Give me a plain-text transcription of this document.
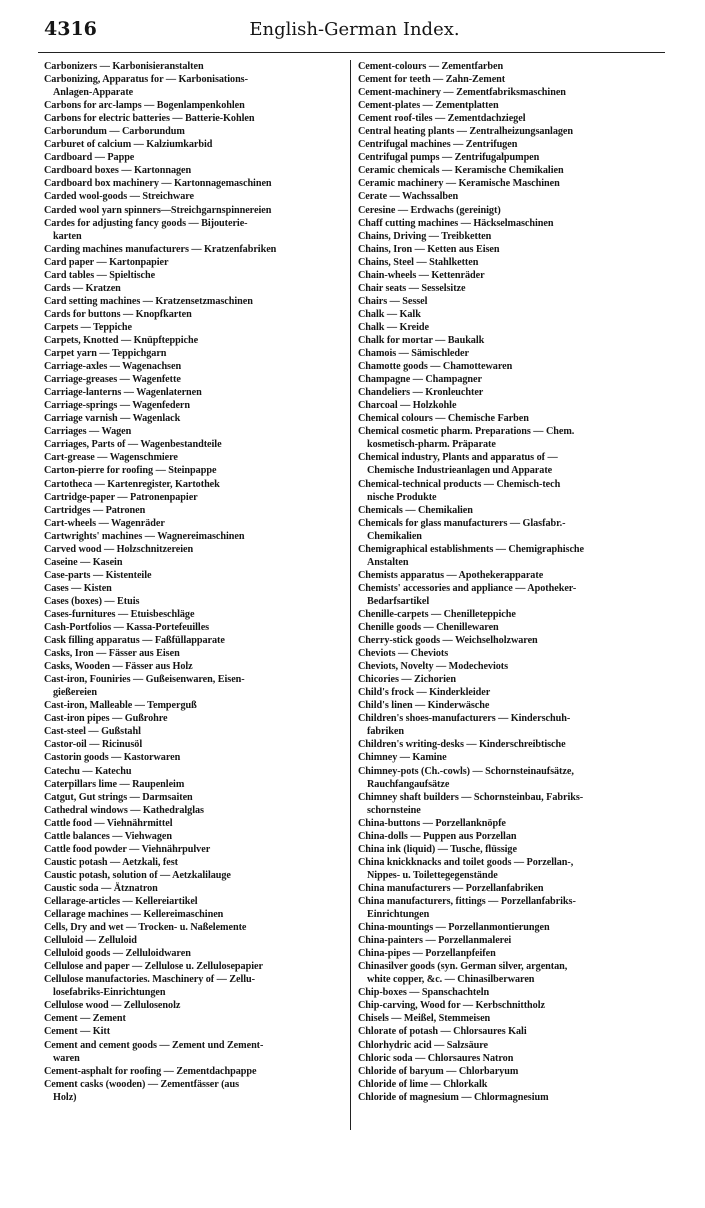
4316	English-German Index.
Carbonizers — Karbonisieranstalten
Carbonizing, Apparatus for — Karbonisations-
Anlagen-Apparate
Carbons for arc-lamps — Bogenlampenkohlen
Carbons for electric batteries — Batterie-Kohlen
Carborundum — Carborundum
Carburet of calcium — Kalziumkarbid
Cardboard — Pappe
Cardboard boxes — Kartonnagen
Cardboard box machinery — Kartonnagemaschinen
Carded wool-goods — Streichware
Carded wool yarn spinners—Streichgarnspinnereien
Cardes for adjusting fancy goods — Bijouterie-
karten
Carding machines manufacturers — Kratzenfabriken
Card paper — Kartonpapier
Card tables — Spieltische
Cards — Kratzen
Card setting machines — Kratzensetzmaschinen
Cards for buttons — Knopfkarten
Carpets — Teppiche
Carpets, Knotted — Knüpfteppiche
Carpet yarn — Teppichgarn
Carriage-axles — Wagenachsen
Carriage-greases — Wagenfette
Carriage-lanterns — Wagenlaternen
Carriage-springs — Wagenfedern
Carriage varnish — Wagenlack
Carriages — Wagen
Carriages, Parts of — Wagenbestandteile
Cart-grease — Wagenschmiere
Carton-pierre for roofing — Steinpappe
Cartotheca — Kartenregister, Kartothek
Cartridge-paper — Patronenpapier
Cartridges — Patronen
Cart-wheels — Wagenräder
Cartwrights' machines — Wagnereimaschinen
Carved wood — Holzschnitzereien
Caseine — Kasein
Case-parts — Kistenteile
Cases — Kisten
Cases (boxes) — Etuis
Cases-furnitures — Etuisbeschläge
Cash-Portfolios — Kassa-Portefeuilles
Cask filling apparatus — Faßfüllapparate
Casks, Iron — Fässer aus Eisen
Casks, Wooden — Fässer aus Holz
Cast-iron, Founiries — Gußeisenwaren, Eisen-
gießereien
Cast-iron, Malleable — Temperguß
Cast-iron pipes — Gußrohre
Cast-steel — Gußstahl
Castor-oil — Ricinusöl
Castorin goods — Kastorwaren
Catechu — Katechu
Caterpillars lime — Raupenleim
Catgut, Gut strings — Darmsaiten
Cathedral windows — Kathedralglas
Cattle food — Viehnährmittel
Cattle balances — Viehwagen
Cattle food powder — Viehnährpulver
Caustic potash — Aetzkali, fest
Caustic potash, solution of — Aetzkalilauge
Caustic soda — Ätznatron
Cellarage-articles — Kellereiartikel
Cellarage machines — Kellereimaschinen
Cells, Dry and wet — Trocken- u. Naßelemente
Celluloid — Zelluloid
Celluloid goods — Zelluloidwaren
Cellulose and paper — Zellulose u. Zellulosepapier
Cellulose manufactories. Maschinery of — Zellu-
losefabriks-Einrichtungen
Cellulose wood — Zellulosenolz
Cement — Zement
Cement — Kitt
Cement and cement goods — Zement und Zement-
waren
Cement-asphalt for roofing — Zementdachpappe
Cement casks (wooden) — Zementfässer (aus
Holz)
Cement-colours — Zementfarben
Cement for teeth — Zahn-Zement
Cement-machinery — Zementfabriksmaschinen
Cement-plates — Zementplatten
Cement roof-tiles — Zementdachziegel
Central heating plants — Zentralheizungsanlagen
Centrifugal machines — Zentrifugen
Centrifugal pumps — Zentrifugalpumpen
Ceramic chemicals — Keramische Chemikalien
Ceramic machinery — Keramische Maschinen
Cerate — Wachssalben
Ceresine — Erdwachs (gereinigt)
Chaff cutting machines — Häckselmaschinen
Chains, Driving — Treibketten
Chains, Iron — Ketten aus Eisen
Chains, Steel — Stahlketten
Chain-wheels — Kettenräder
Chair seats — Sesselsitze
Chairs — Sessel
Chalk — Kalk
Chalk — Kreide
Chalk for mortar — Baukalk
Chamois — Sämischleder
Chamotte goods — Chamottewaren
Champagne — Champagner
Chandeliers — Kronleuchter
Charcoal — Holzkohle
Chemical colours — Chemische Farben
Chemical cosmetic pharm. Preparations — Chem.
kosmetisch-pharm. Präparate
Chemical industry, Plants and apparatus of —
Chemische Industrieanlagen und Apparate
Chemical-technical products — Chemisch-tech
nische Produkte
Chemicals — Chemikalien
Chemicals for glass manufacturers — Glasfabr.-
Chemikalien
Chemigraphical establishments — Chemigraphische
Anstalten
Chemists apparatus — Apothekerapparate
Chemists' accessories and appliance — Apotheker-
Bedarfsartikel
Chenille-carpets — Chenilleteppiche
Chenille goods — Chenillewaren
Cherry-stick goods — Weichselholzwaren
Cheviots — Cheviots
Cheviots, Novelty — Modecheviots
Chicories — Zichorien
Child's frock — Kinderkleider
Child's linen — Kinderwäsche
Children's shoes-manufacturers — Kinderschuh-
fabriken
Children's writing-desks — Kinderschreibtische
Chimney — Kamine
Chimney-pots (Ch.-cowls) — Schornsteinaufsätze,
Rauchfangaufsätze
Chimney shaft builders — Schornsteinbau, Fabriks-
schornsteine
China-buttons — Porzellanknöpfe
China-dolls — Puppen aus Porzellan
China ink (liquid) — Tusche, flüssige
China knickknacks and toilet goods — Porzellan-,
Nippes- u. Toilettegegenstände
China manufacturers — Porzellanfabriken
China manufacturers, fittings — Porzellanfabriks-
Einrichtungen
China-mountings — Porzellanmontierungen
China-painters — Porzellanmalerei
China-pipes — Porzellanpfeifen
Chinasilver goods (syn. German silver, argentan,
white copper, &c. — Chinasilberwaren
Chip-boxes — Spanschachteln
Chip-carving, Wood for — Kerbschnittholz
Chisels — Meißel, Stemmeisen
Chlorate of potash — Chlorsaures Kali
Chlorhydric acid — Salzsäure
Chloric soda — Chlorsaures Natron
Chloride of baryum — Chlorbaryum
Chloride of lime — Chlorkalk
Chloride of magnesium — Chlormagnesium
